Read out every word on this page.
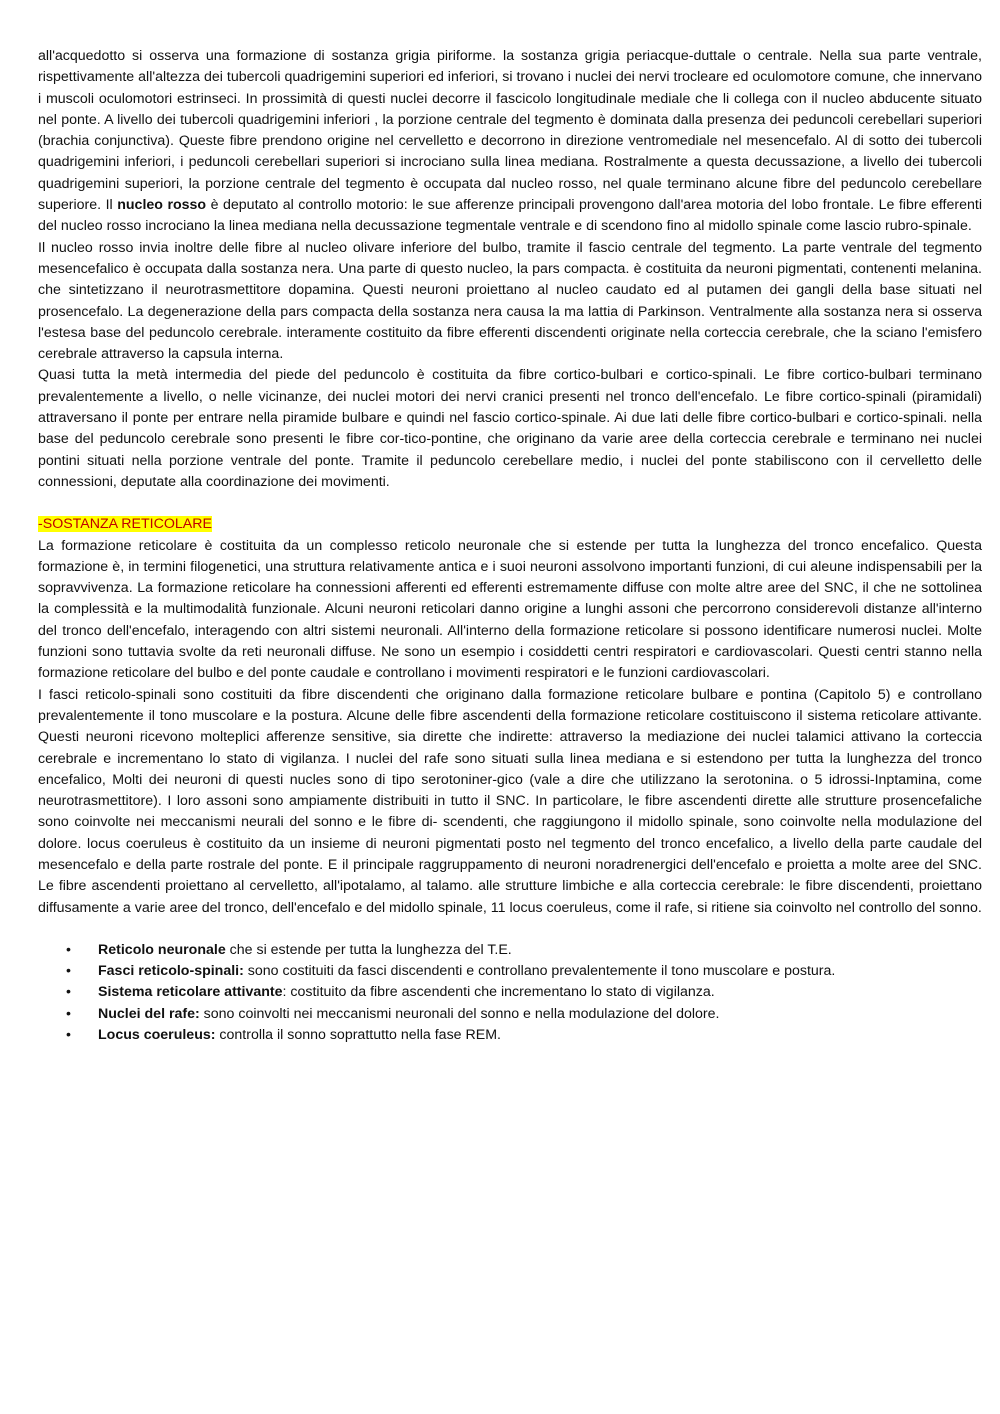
all'acquedotto si osserva una formazione di sostanza grigia piriforme. la sostanza grigia periacque-duttale o centrale. Nella sua parte ventrale, rispettivamente all'altezza dei tubercoli quadrigemini superiori ed inferiori, si trovano i nuclei dei nervi trocleare ed oculomotore comune, che innervano i muscoli oculomotori estrinseci. In prossimità di questi nuclei decorre il fascicolo longitudinale mediale che li collega con il nucleo abducente situato nel ponte. A livello dei tubercoli quadrigemini inferiori , la porzione centrale del tegmento è dominata dalla presenza dei peduncoli cerebellari superiori (brachia conjunctiva). Queste fibre prendono origine nel cervelletto e decorrono in direzione ventromediale nel mesencefalo. Al di sotto dei tubercoli quadrigemini inferiori, i peduncoli cerebellari superiori si incrociano sulla linea mediana. Rostralmente a questa decussazione, a livello dei tubercoli quadrigemini superiori, la porzione centrale del tegmento è occupata dal nucleo rosso, nel quale terminano alcune fibre del peduncolo cerebellare superiore. Il nucleo rosso è deputato al controllo motorio: le sue afferenze principali provengono dall'area motoria del lobo frontale. Le fibre efferenti del nucleo rosso incrociano la linea mediana nella decussazione tegmentale ventrale e di scendono fino al midollo spinale come lascio rubro-spinale.

Il nucleo rosso invia inoltre delle fibre al nucleo olivare inferiore del bulbo, tramite il fascio centrale del tegmento. La parte ventrale del tegmento mesencefalico è occupata dalla sostanza nera. Una parte di questo nucleo, la pars compacta. è costituita da neuroni pigmentati, contenenti melanina. che sintetizzano il neurotrasmettitore dopamina. Questi neuroni proiettano al nucleo caudato ed al putamen dei gangli della base situati nel prosencefalo. La degenerazione della pars compacta della sostanza nera causa la ma lattia di Parkinson. Ventralmente alla sostanza nera si osserva l'estesa base del peduncolo cerebrale. interamente costituito da fibre efferenti discendenti originate nella corteccia cerebrale, che la sciano l'emisfero cerebrale attraverso la capsula interna.

Quasi tutta la metà intermedia del piede del peduncolo è costituita da fibre cortico-bulbari e cortico-spinali. Le fibre cortico-bulbari terminano prevalentemente a livello, o nelle vicinanze, dei nuclei motori dei nervi cranici presenti nel tronco dell'encefalo. Le fibre cortico-spinali (piramidali) attraversano il ponte per entrare nella piramide bulbare e quindi nel fascio cortico-spinale. Ai due lati delle fibre cortico-bulbari e cortico-spinali. nella base del peduncolo cerebrale sono presenti le fibre cor-tico-pontine, che originano da varie aree della corteccia cerebrale e terminano nei nuclei pontini situati nella porzione ventrale del ponte. Tramite il peduncolo cerebellare medio, i nuclei del ponte stabiliscono con il cervelletto delle connessioni, deputate alla coordinazione dei movimenti.

-SOSTANZA RETICOLARE

La formazione reticolare è costituita da un complesso reticolo neuronale che si estende per tutta la lunghezza del tronco encefalico. Questa formazione è, in termini filogenetici, una struttura relativamente antica e i suoi neuroni assolvono importanti funzioni, di cui aleune indispensabili per la sopravvivenza. La formazione reticolare ha connessioni afferenti ed efferenti estremamente diffuse con molte altre aree del SNC, il che ne sottolinea la complessità e la multimodalità funzionale. Alcuni neuroni reticolari danno origine a lunghi assoni che percorrono considerevoli distanze all'interno del tronco dell'encefalo, interagendo con altri sistemi neuronali. All'interno della formazione reticolare si possono identificare numerosi nuclei. Molte funzioni sono tuttavia svolte da reti neuronali diffuse. Ne sono un esempio i cosiddetti centri respiratori e cardiovascolari. Questi centri stanno nella formazione reticolare del bulbo e del ponte caudale e controllano i movimenti respiratori e le funzioni cardiovascolari.

I fasci reticolo-spinali sono costituiti da fibre discendenti che originano dalla formazione reticolare bulbare e pontina (Capitolo 5) e controllano prevalentemente il tono muscolare e la postura. Alcune delle fibre ascendenti della formazione reticolare costituiscono il sistema reticolare attivante. Questi neuroni ricevono molteplici afferenze sensitive, sia dirette che indirette: attraverso la mediazione dei nuclei talamici attivano la corteccia cerebrale e incrementano lo stato di vigilanza. I nuclei del rafe sono situati sulla linea mediana e si estendono per tutta la lunghezza del tronco encefalico, Molti dei neuroni di questi nucles sono di tipo serotoniner-gico (vale a dire che utilizzano la serotonina. o 5 idrossi-Inptamina, come neurotrasmettitore). I loro assoni sono ampiamente distribuiti in tutto il SNC. In particolare, le fibre ascendenti dirette alle strutture prosencefaliche sono coinvolte nei meccanismi neurali del sonno e le fibre di- scendenti, che raggiungono il midollo spinale, sono coinvolte nella modulazione del dolore. locus coeruleus è costituito da un insieme di neuroni pigmentati posto nel tegmento del tronco encefalico, a livello della parte caudale del mesencefalo e della parte rostrale del ponte. E il principale raggruppamento di neuroni noradrenergici dell'encefalo e proietta a molte aree del SNC. Le fibre ascendenti proiettano al cervelletto, all'ipotalamo, al talamo. alle strutture limbiche e alla corteccia cerebrale: le fibre discendenti, proiettano diffusamente a varie aree del tronco, dell'encefalo e del midollo spinale, 11 locus coeruleus, come il rafe, si ritiene sia coinvolto nel controllo del sonno.

• Reticolo neuronale che si estende per tutta la lunghezza del T.E.
• Fasci reticolo-spinali: sono costituiti da fasci discendenti e controllano prevalentemente il tono muscolare e postura.
• Sistema reticolare attivante: costituito da fibre ascendenti che incrementano lo stato di vigilanza.
• Nuclei del rafe: sono coinvolti nei meccanismi neuronali del sonno e nella modulazione del dolore.
• Locus coeruleus: controlla il sonno soprattutto nella fase REM.
